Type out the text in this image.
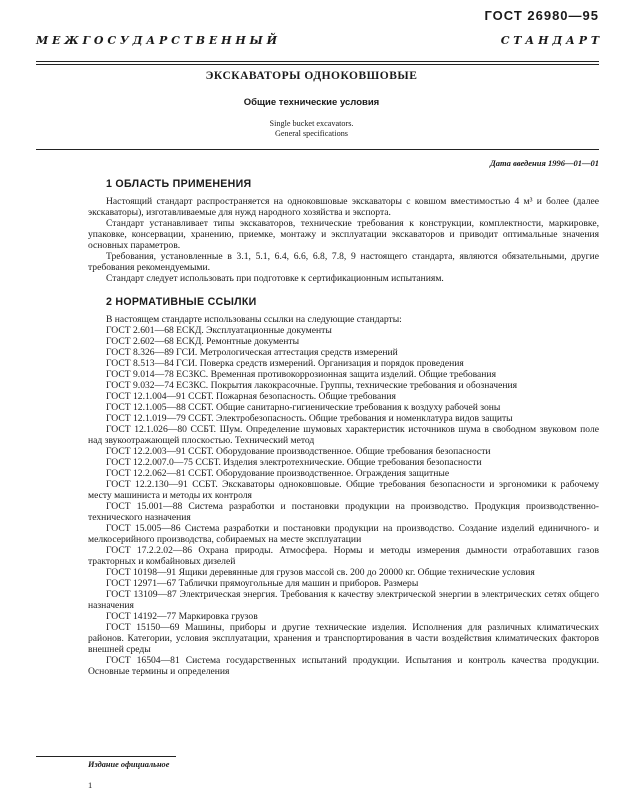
ГОСТ 26980—95
М Е Ж Г О С У Д А Р С Т В Е Н Н Ы Й	С Т А Н Д А Р Т
ЭКСКАВАТОРЫ ОДНОКОВШОВЫЕ
Общие технические условия
Single bucket excavators.
General specifications
Дата введения 1996—01—01
1 ОБЛАСТЬ ПРИМЕНЕНИЯ

Настоящий стандарт распространяется на одноковшовые экскаваторы с ковшом вместимостью 4 м³ и более (далее экскаваторы), изготавливаемые для нужд народного хозяйства и экспорта.

Стандарт устанавливает типы экскаваторов, технические требования к конструкции, комплектности, маркировке, упаковке, консервации, хранению, приемке, монтажу и эксплуатации экскаваторов и приводит оптимальные значения основных параметров.

Требования, установленные в 3.1, 5.1, 6.4, 6.6, 6.8, 7.8, 9 настоящего стандарта, являются обязательными, другие требования рекомендуемыми.

Стандарт следует использовать при подготовке к сертификационным испытаниям.

2 НОРМАТИВНЫЕ ССЫЛКИ

В настоящем стандарте использованы ссылки на следующие стандарты:

ГОСТ 2.601—68 ЕСКД. Эксплуатационные документы

ГОСТ 2.602—68 ЕСКД. Ремонтные документы

ГОСТ 8.326—89 ГСИ. Метрологическая аттестация средств измерений

ГОСТ 8.513—84 ГСИ. Поверка средств измерений. Организация и порядок проведения

ГОСТ 9.014—78 ЕСЗКС. Временная противокоррозионная защита изделий. Общие требования

ГОСТ 9.032—74 ЕСЗКС. Покрытия лакокрасочные. Группы, технические требования и обозначения

ГОСТ 12.1.004—91 ССБТ. Пожарная безопасность. Общие требования

ГОСТ 12.1.005—88 ССБТ. Общие санитарно-гигиенические требования к воздуху рабочей зоны

ГОСТ 12.1.019—79 ССБТ. Электробезопасность. Общие требования и номенклатура видов защиты

ГОСТ 12.1.026—80 ССБТ. Шум. Определение шумовых характеристик источников шума в свободном звуковом поле над звукоотражающей плоскостью. Технический метод

ГОСТ 12.2.003—91 ССБТ. Оборудование производственное. Общие требования безопасности

ГОСТ 12.2.007.0—75 ССБТ. Изделия электротехнические. Общие требования безопасности

ГОСТ 12.2.062—81 ССБТ. Оборудование производственное. Ограждения защитные

ГОСТ 12.2.130—91 ССБТ. Экскаваторы одноковшовые. Общие требования безопасности и эргономики к рабочему месту машиниста и методы их контроля

ГОСТ 15.001—88 Система разработки и постановки продукции на производство. Продукция производственно-технического назначения

ГОСТ 15.005—86 Система разработки и постановки продукции на производство. Создание изделий единичного- и мелкосерийного производства, собираемых на месте эксплуатации

ГОСТ 17.2.2.02—86 Охрана природы. Атмосфера. Нормы и методы измерения дымности отработавших газов тракторных и комбайновых дизелей

ГОСТ 10198—91 Ящики деревянные для грузов массой св. 200 до 20000 кг. Общие технические условия

ГОСТ 12971—67 Таблички прямоугольные для машин и приборов. Размеры

ГОСТ 13109—87 Электрическая энергия. Требования к качеству электрической энергии в электрических сетях общего назначения

ГОСТ 14192—77 Маркировка грузов

ГОСТ 15150—69 Машины, приборы и другие технические изделия. Исполнения для различных климатических районов. Категории, условия эксплуатации, хранения и транспортирования в части воздействия климатических факторов внешней среды

ГОСТ 16504—81 Система государственных испытаний продукции. Испытания и контроль качества продукции. Основные термины и определения

Издание официальное
1
